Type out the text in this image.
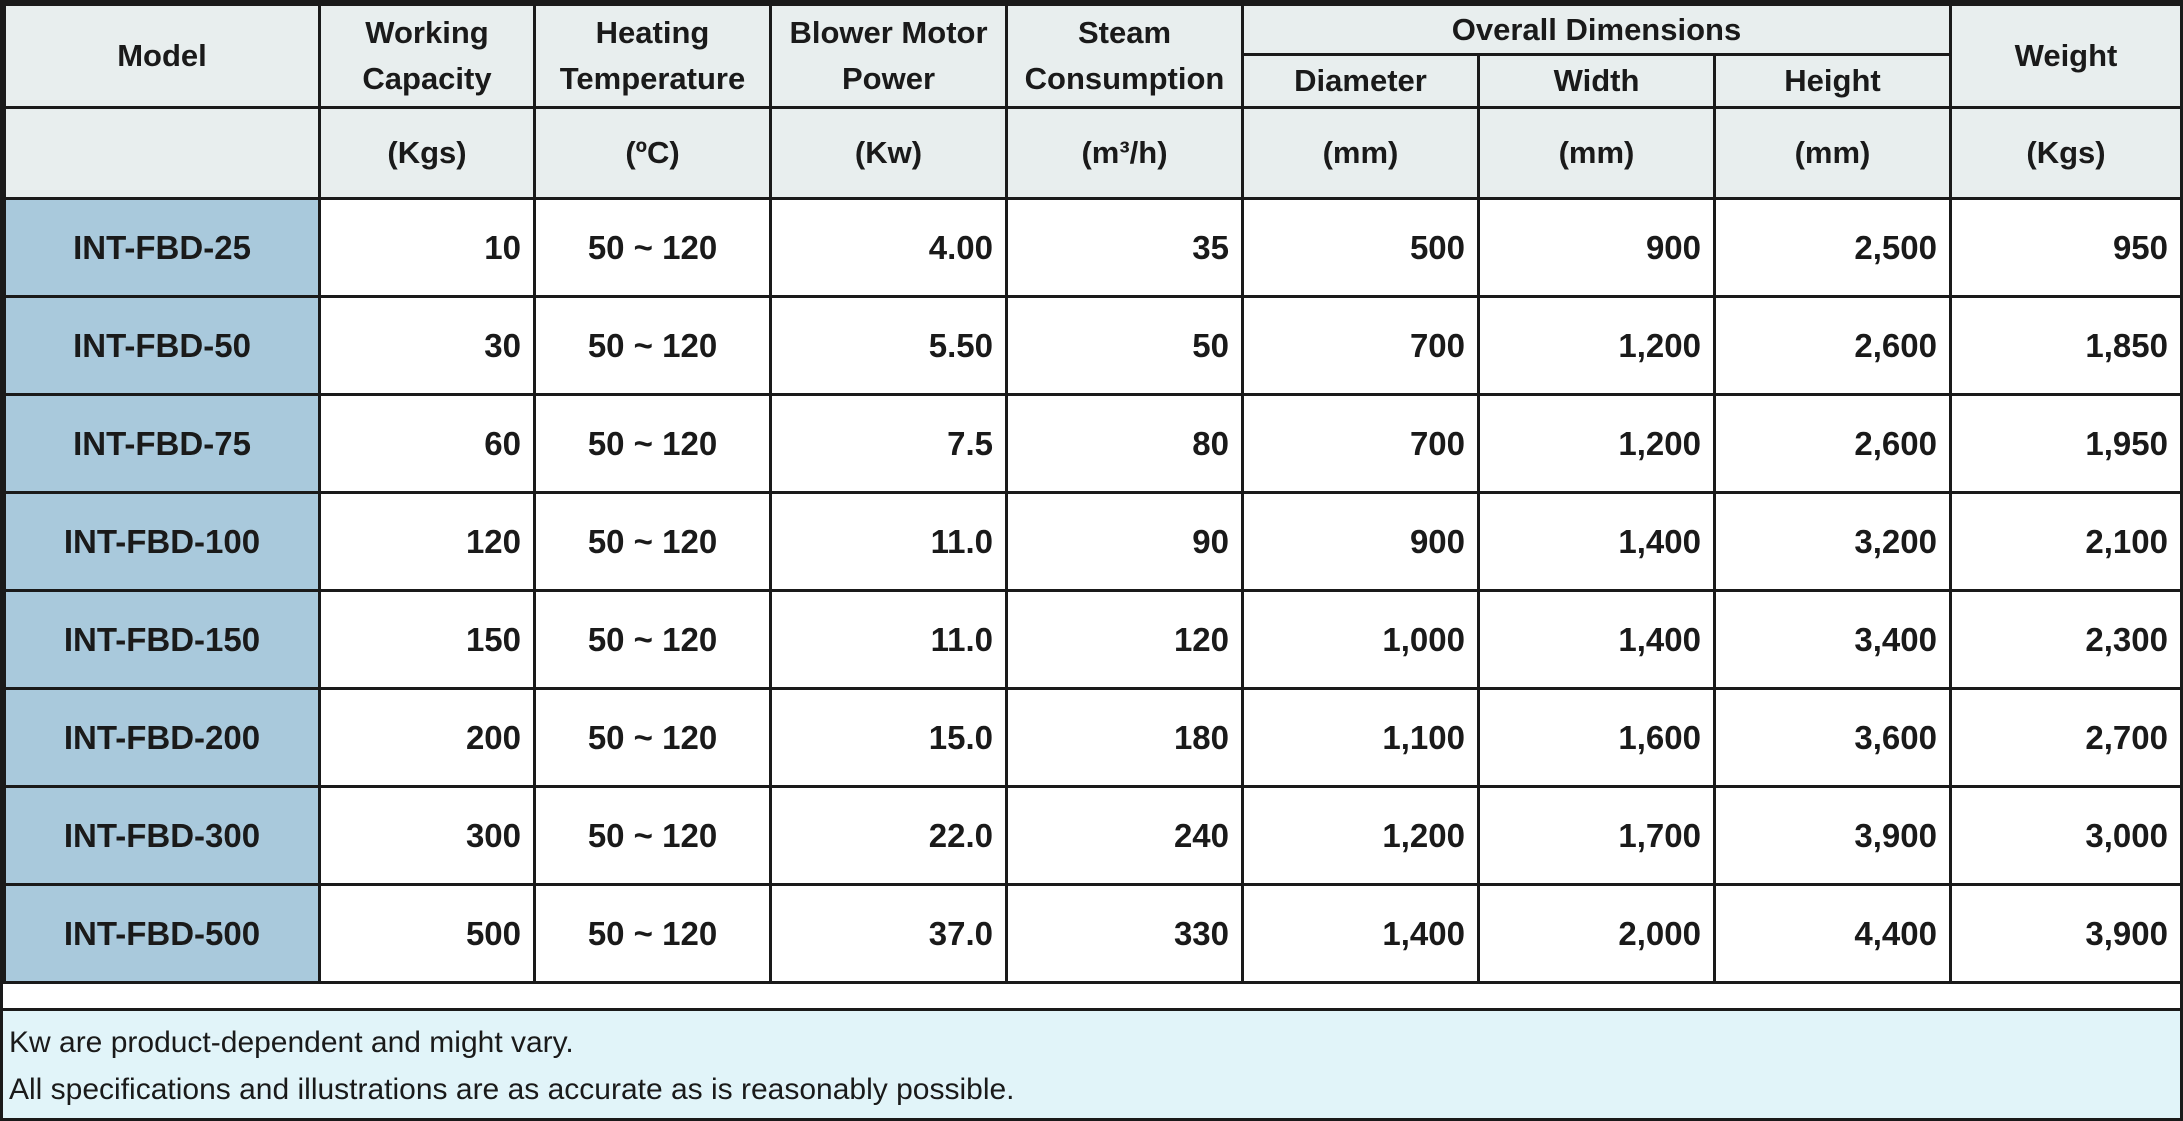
Model	Working Capacity	Heating Temperature	Blower Motor Power	Steam Consumption	Overall Dimensions			Weight
					Diameter	Width	Height	
	(Kgs)	(ºC)	(Kw)	(m³/h)	(mm)	(mm)	(mm)	(Kgs)
INT-FBD-25	10	50 ~ 120	4.00	35	500	900	2,500	950
INT-FBD-50	30	50 ~ 120	5.50	50	700	1,200	2,600	1,850
INT-FBD-75	60	50 ~ 120	7.5	80	700	1,200	2,600	1,950
INT-FBD-100	120	50 ~ 120	11.0	90	900	1,400	3,200	2,100
INT-FBD-150	150	50 ~ 120	11.0	120	1,000	1,400	3,400	2,300
INT-FBD-200	200	50 ~ 120	15.0	180	1,100	1,600	3,600	2,700
INT-FBD-300	300	50 ~ 120	22.0	240	1,200	1,700	3,900	3,000
INT-FBD-500	500	50 ~ 120	37.0	330	1,400	2,000	4,400	3,900
Kw are product-dependent and might vary.
All specifications and illustrations are as accurate as is reasonably possible.
